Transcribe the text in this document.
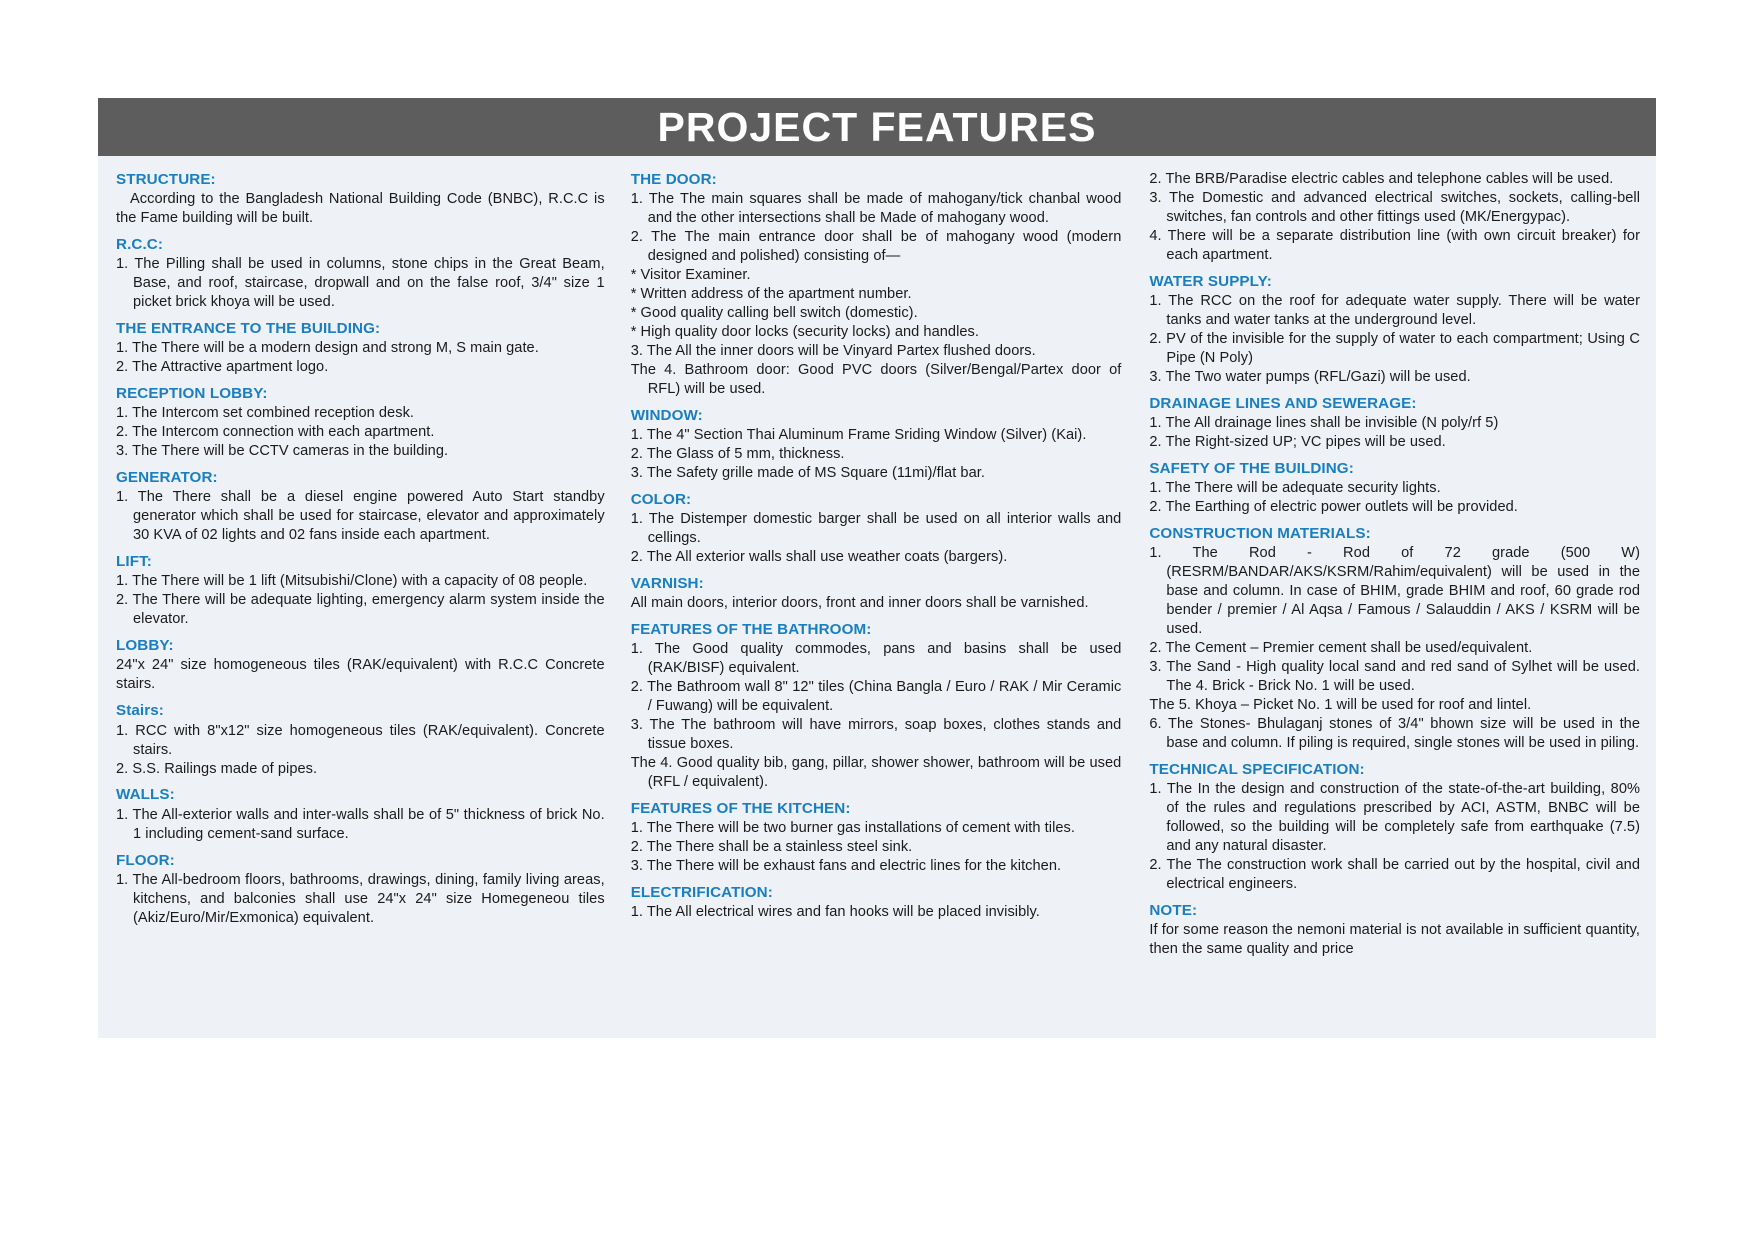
PROJECT FEATURES
STRUCTURE:

According to the Bangladesh National Building Code (BNBC), R.C.C is the Fame building will be built.

R.C.C:

1. The Pilling shall be used in columns, stone chips in the Great Beam, Base, and roof, staircase, dropwall and on the false roof, 3/4" size 1 picket brick khoya will be used.

THE ENTRANCE TO THE BUILDING:

1. The There will be a modern design and strong M, S main gate.

2. The Attractive apartment logo.

RECEPTION LOBBY:

1. The Intercom set combined reception desk.

2. The Intercom connection with each apartment.

3. The There will be CCTV cameras in the building.

GENERATOR:

1. The There shall be a diesel engine powered Auto Start standby generator which shall be used for staircase, elevator and approximately 30 KVA of 02 lights and 02 fans inside each apartment.

LIFT:

1. The There will be 1 lift (Mitsubishi/Clone) with a capacity of 08 people.

2. The There will be adequate lighting, emergency alarm system inside the elevator.

LOBBY:

24"x 24" size homogeneous tiles (RAK/equivalent) with R.C.C Concrete stairs.

Stairs:

1. RCC with 8"x12" size homogeneous tiles (RAK/equivalent). Concrete stairs.

2. S.S. Railings made of pipes.

WALLS:

1. The All-exterior walls and inter-walls shall be of 5" thickness of brick No. 1 including cement-sand surface.

FLOOR:

1. The All-bedroom floors, bathrooms, drawings, dining, family living areas, kitchens, and balconies shall use 24"x 24" size Homegeneou tiles (Akiz/Euro/Mir/Exmonica) equivalent.

THE DOOR:

1. The The main squares shall be made of mahogany/tick chanbal wood and the other intersections shall be Made of mahogany wood.

2. The The main entrance door shall be of mahogany wood (modern designed and polished) consisting of—

* Visitor Examiner.

* Written address of the apartment number.

* Good quality calling bell switch (domestic).

* High quality door locks (security locks) and handles.

3. The All the inner doors will be Vinyard Partex flushed doors.

The 4. Bathroom door: Good PVC doors (Silver/Bengal/Partex door of RFL) will be used.

WINDOW:

1. The 4" Section Thai Aluminum Frame Sriding Window (Silver) (Kai).

2. The Glass of 5 mm, thickness.

3. The Safety grille made of MS Square (11mi)/flat bar.

COLOR:

1. The Distemper domestic barger shall be used on all interior walls and cellings.

2. The All exterior walls shall use weather coats (bargers).

VARNISH:

All main doors, interior doors, front and inner doors shall be varnished.

FEATURES OF THE BATHROOM:

1. The Good quality commodes, pans and basins shall be used (RAK/BISF) equivalent.

2. The Bathroom wall 8" 12" tiles (China Bangla / Euro / RAK / Mir Ceramic / Fuwang) will be equivalent.

3. The The bathroom will have mirrors, soap boxes, clothes stands and tissue boxes.

The 4. Good quality bib, gang, pillar, shower shower, bathroom will be used (RFL / equivalent).

FEATURES OF THE KITCHEN:

1. The There will be two burner gas installations of cement with tiles.

2. The There shall be a stainless steel sink.

3. The There will be exhaust fans and electric lines for the kitchen.

ELECTRIFICATION:

1. The All electrical wires and fan hooks will be placed invisibly.

2. The BRB/Paradise electric cables and telephone cables will be used.

3. The Domestic and advanced electrical switches, sockets, calling-bell switches, fan controls and other fittings used (MK/Energypac).

4. There will be a separate distribution line (with own circuit breaker) for each apartment.

WATER SUPPLY:

1. The RCC on the roof for adequate water supply. There will be water tanks and water tanks at the underground level.

2. PV of the invisible for the supply of water to each compartment; Using C Pipe (N Poly)

3. The Two water pumps (RFL/Gazi) will be used.

DRAINAGE LINES AND SEWERAGE:

1. The All drainage lines shall be invisible (N poly/rf 5)

2. The Right-sized UP; VC pipes will be used.

SAFETY OF THE BUILDING:

1. The There will be adequate security lights.

2. The Earthing of electric power outlets will be provided.

CONSTRUCTION MATERIALS:

1. The Rod - Rod of 72 grade (500 W) (RESRM/BANDAR/AKS/KSRM/Rahim/equivalent) will be used in the base and column. In case of BHIM, grade BHIM and roof, 60 grade rod bender / premier / Al Aqsa / Famous / Salauddin / AKS / KSRM will be used.

2. The Cement – Premier cement shall be used/equivalent.

3. The Sand - High quality local sand and red sand of Sylhet will be used. The 4. Brick - Brick No. 1 will be used.

The 5. Khoya – Picket No. 1 will be used for roof and lintel.

6. The Stones- Bhulaganj stones of 3/4" bhown size will be used in the base and column. If piling is required, single stones will be used in piling.

TECHNICAL SPECIFICATION:

1. The In the design and construction of the state-of-the-art building, 80% of the rules and regulations prescribed by ACI, ASTM, BNBC will be followed, so the building will be completely safe from earthquake (7.5) and any natural disaster.

2. The The construction work shall be carried out by the hospital, civil and electrical engineers.

NOTE:

If for some reason the nemoni material is not available in sufficient quantity, then the same quality and price
